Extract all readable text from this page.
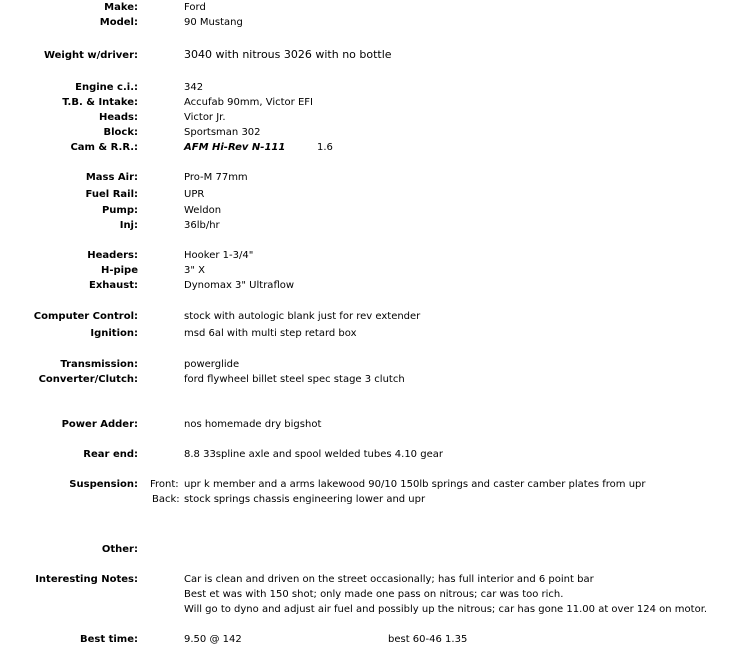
Make:	Ford
Model:	90 Mustang
Weight w/driver:	3040 with nitrous 3026 with no bottle
Engine c.i.:	342
T.B. & Intake:	Accufab 90mm, Victor EFI
Heads:	Victor Jr.
Block:	Sportsman 302
Cam & R.R.:	AFM Hi-Rev N-111	1.6
Mass Air:	Pro-M 77mm
Fuel Rail:	UPR
Pump:	Weldon
Inj:	36lb/hr
Headers:	Hooker 1-3/4"
H-pipe	3" X
Exhaust:	Dynomax 3" Ultraflow
Computer Control:	stock with autologic blank just for rev extender
Ignition:	msd 6al with multi step retard box
Transmission:	powerglide
Converter/Clutch:	ford flywheel billet steel spec stage 3 clutch
Power Adder:	nos homemade dry bigshot
Rear end:	8.8 33spline axle and spool welded tubes 4.10 gear
Suspension: Front: upr k member and a arms lakewood 90/10 150lb springs and caster camber plates from upr
Back: stock springs chassis engineering lower and upr
Other:
Interesting Notes:	Car is clean and driven on the street occasionally; has full interior and 6 point bar
Best et was with 150 shot; only made one pass on nitrous; car was too rich.
Will go to dyno and adjust air fuel and possibly up the nitrous; car has gone 11.00 at over 124 on motor.
Best time:	9.50 @ 142	best 60-46 1.35
